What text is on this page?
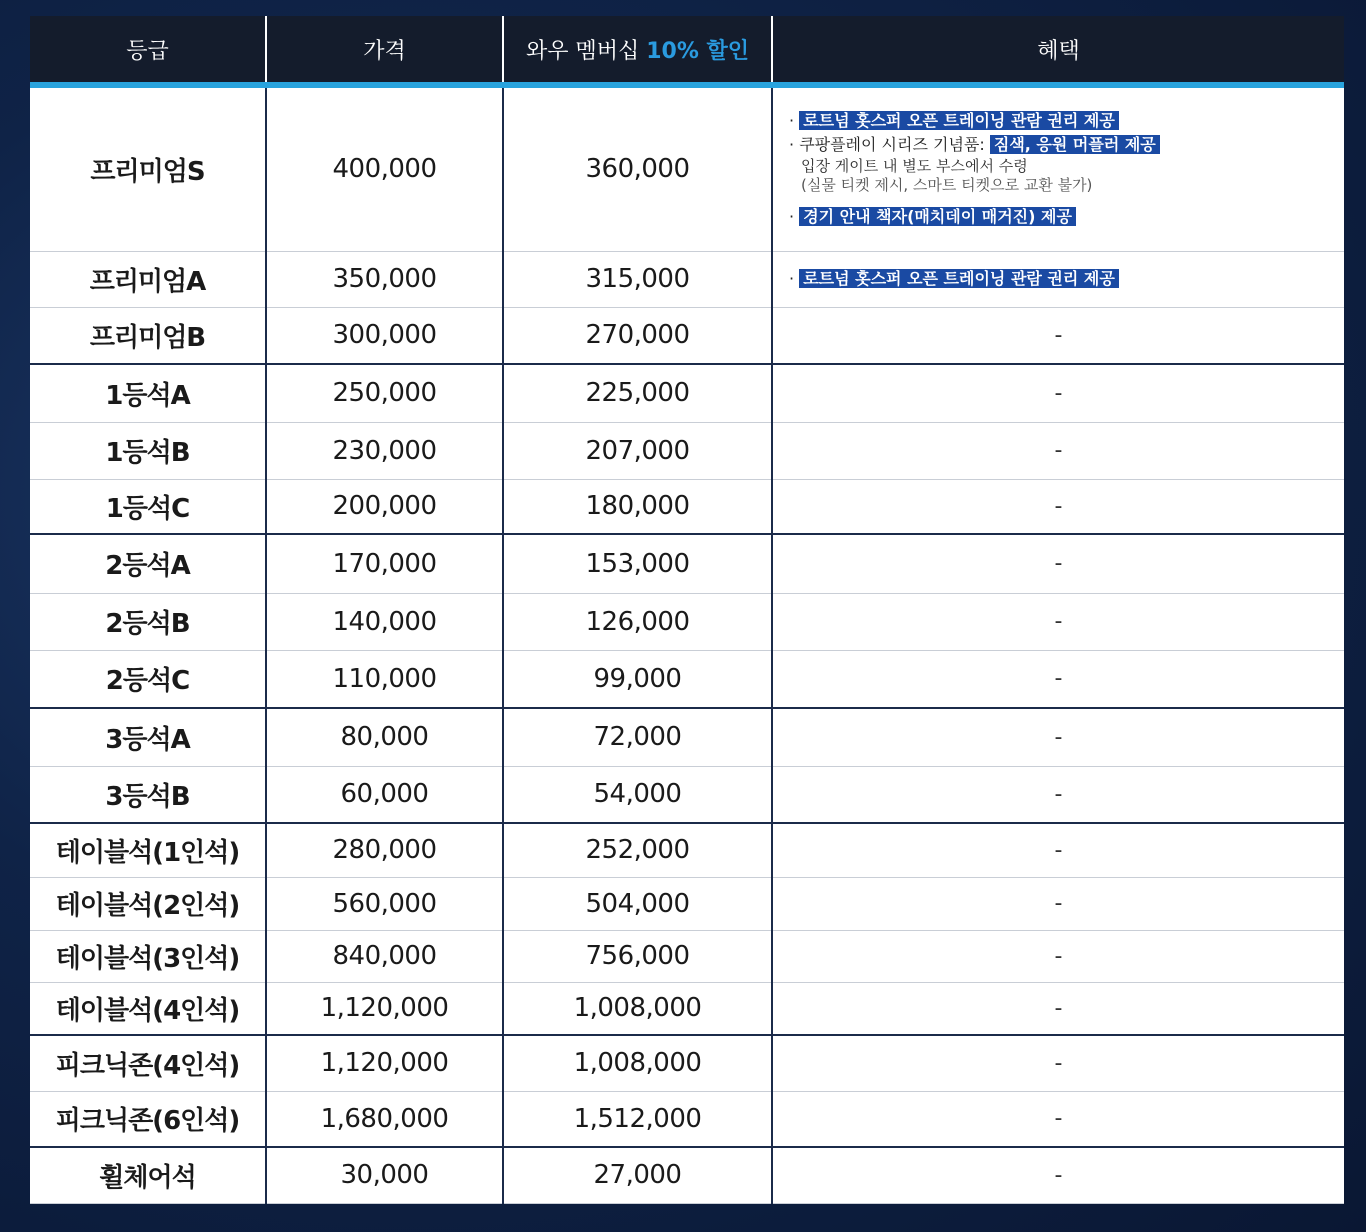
등급	가격	와우 멤버십 10% 할인	혜택
프리미엄S	400,000	360,000	· 로트넘 홋스퍼 오픈 트레이닝 관람 권리 제공
· 쿠팡플레이 시리즈 기념품: 짐색, 응원 머플러 제공
입장 게이트 내 별도 부스에서 수령
(실물 티켓 제시, 스마트 티켓으로 교환 불가)
· 경기 안내 책자(매치데이 매거진) 제공

프리미엄A	350,000	315,000	· 로트넘 홋스퍼 오픈 트레이닝 관람 권리 제공

프리미엄B	300,000	270,000	-
1등석A	250,000	225,000	-
1등석B	230,000	207,000	-
1등석C	200,000	180,000	-
2등석A	170,000	153,000	-
2등석B	140,000	126,000	-
2등석C	110,000	99,000	-
3등석A	80,000	72,000	-
3등석B	60,000	54,000	-
테이블석(1인석)	280,000	252,000	-
테이블석(2인석)	560,000	504,000	-
테이블석(3인석)	840,000	756,000	-
테이블석(4인석)	1,120,000	1,008,000	-
피크닉존(4인석)	1,120,000	1,008,000	-
피크닉존(6인석)	1,680,000	1,512,000	-
휠체어석	30,000	27,000	-
